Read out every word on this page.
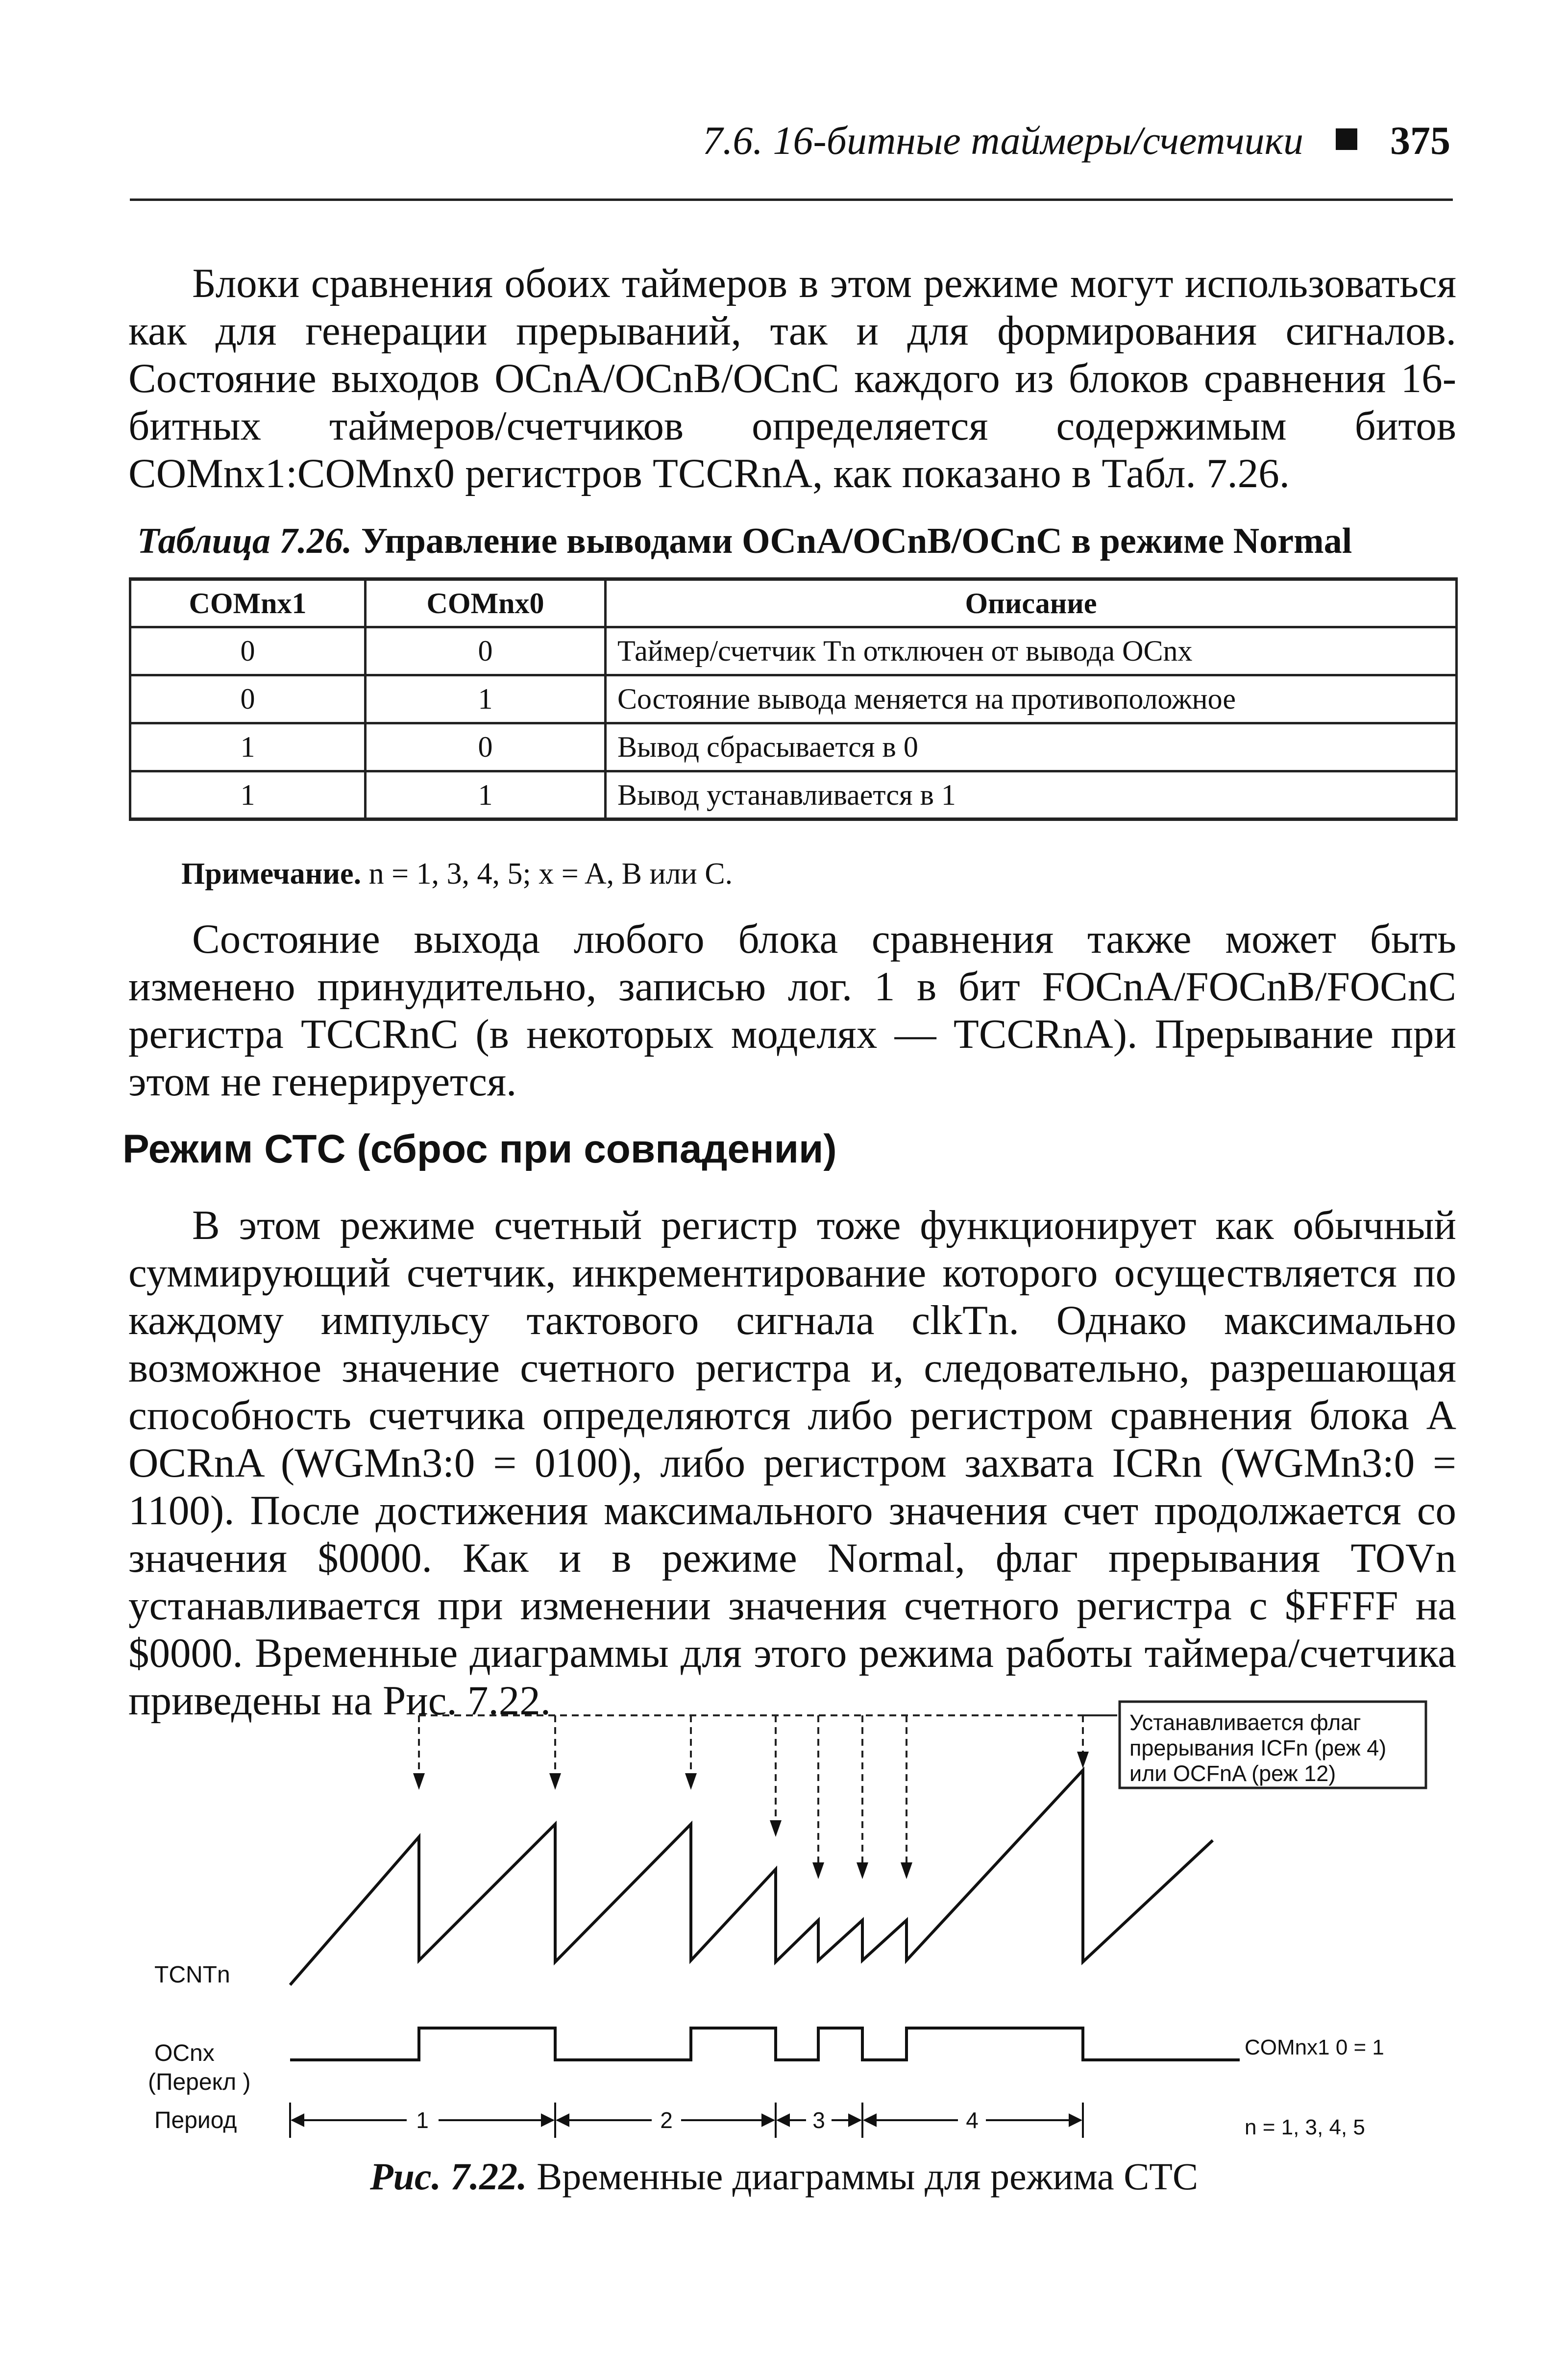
7.6. 16-битные таймеры/счетчики 375

Блоки сравнения обоих таймеров в этом режиме могут использоваться как для генерации прерываний, так и для формирования сигналов. Состояние выходов OCnA/OCnB/OCnC каждого из блоков сравнения 16-битных таймеров/счетчиков определяется содержимым битов COMnx1:COMnx0 регистров TCCRnA, как показано в Табл. 7.26.

Таблица 7.26. Управление выводами OCnA/OCnB/OCnC в режиме Normal
COMnx1	COMnx0	Описание
0	0	Таймер/счетчик Tn отключен от вывода OCnx
0	1	Состояние вывода меняется на противоположное
1	0	Вывод сбрасывается в 0
1	1	Вывод устанавливается в 1
Примечание. n = 1, 3, 4, 5; x = A, B или C.

Состояние выхода любого блока сравнения также может быть изменено принудительно, записью лог. 1 в бит FOCnA/FOCnB/FOCnC регистра TCCRnC (в некоторых моделях — TCCRnA). Прерывание при этом не генерируется.

Режим СТС (сброс при совпадении)

В этом режиме счетный регистр тоже функционирует как обычный суммирующий счетчик, инкрементирование которого осуществляется по каждому импульсу тактового сигнала clkTn. Однако максимально возможное значение счетного регистра и, следовательно, разрешающая способность счетчика определяются либо регистром сравнения блока A OCRnA (WGMn3:0 = 0100), либо регистром захвата ICRn (WGMn3:0 = 1100). После достижения максимального значения счет продолжается со значения $0000. Как и в режиме Normal, флаг прерывания TOVn устанавливается при изменении значения счетного регистра с $FFFF на $0000. Временные диаграммы для этого режима работы таймера/счетчика приведены на Рис. 7.22.	Устанавливается флаг
прерывания ICFn (реж 4)
или OCFnA (реж 12)
1	2	3	4
TCNTn
OCnx
(Перекл )
Период
COMnx1 0 = 1
n = 1, 3, 4, 5
Рис. 7.22. Временные диаграммы для режима СТС
